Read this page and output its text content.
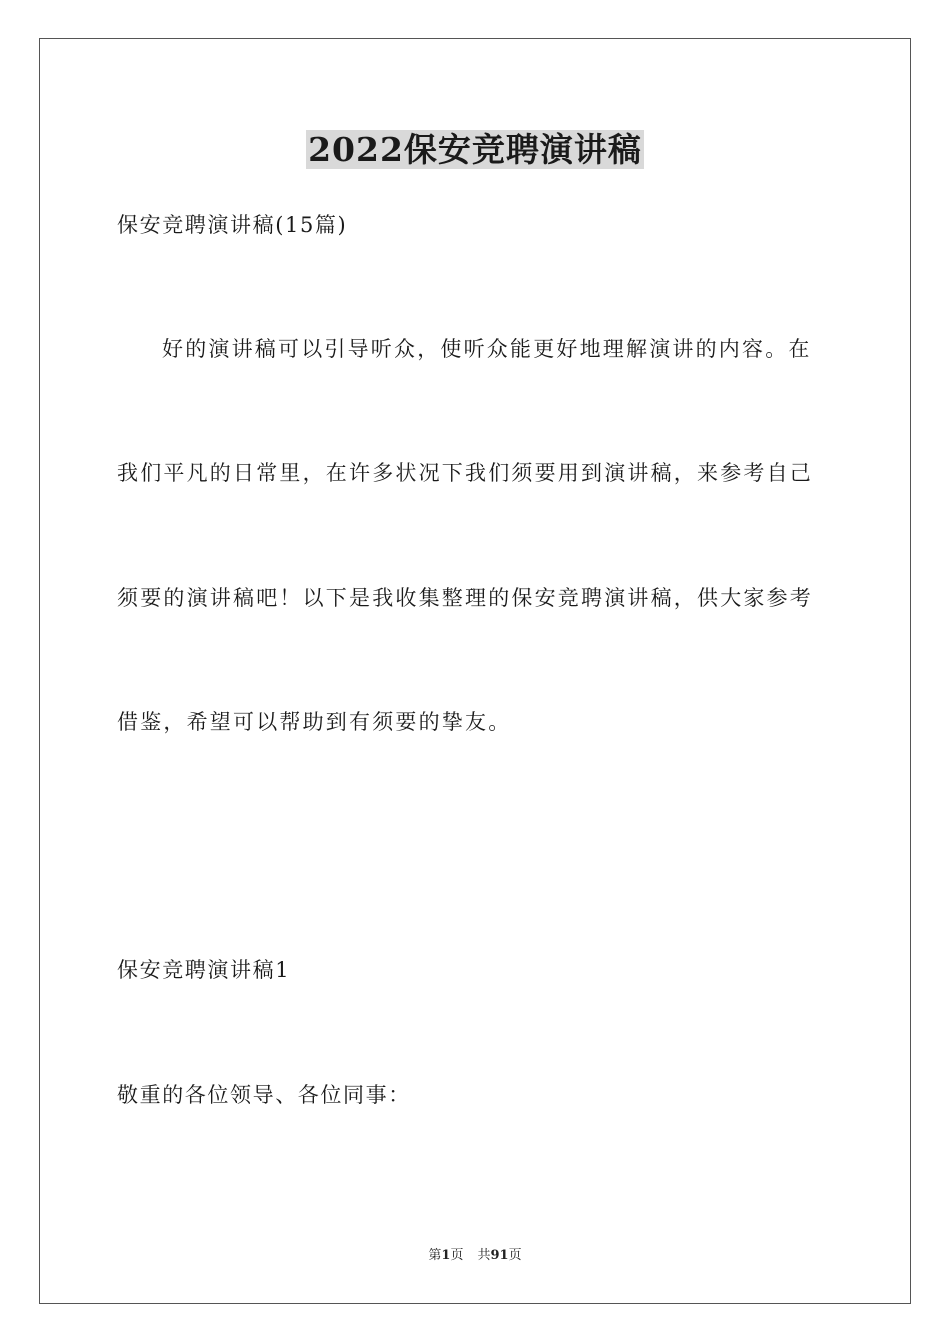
2022保安竞聘演讲稿
保安竞聘演讲稿(15篇)
好的演讲稿可以引导听众，使听众能更好地理解演讲的内容。在
我们平凡的日常里，在许多状况下我们须要用到演讲稿，来参考自己
须要的演讲稿吧！以下是我收集整理的保安竞聘演讲稿，供大家参考
借鉴，希望可以帮助到有须要的挚友。
保安竞聘演讲稿1
敬重的各位领导、各位同事：
第1页 共91页
